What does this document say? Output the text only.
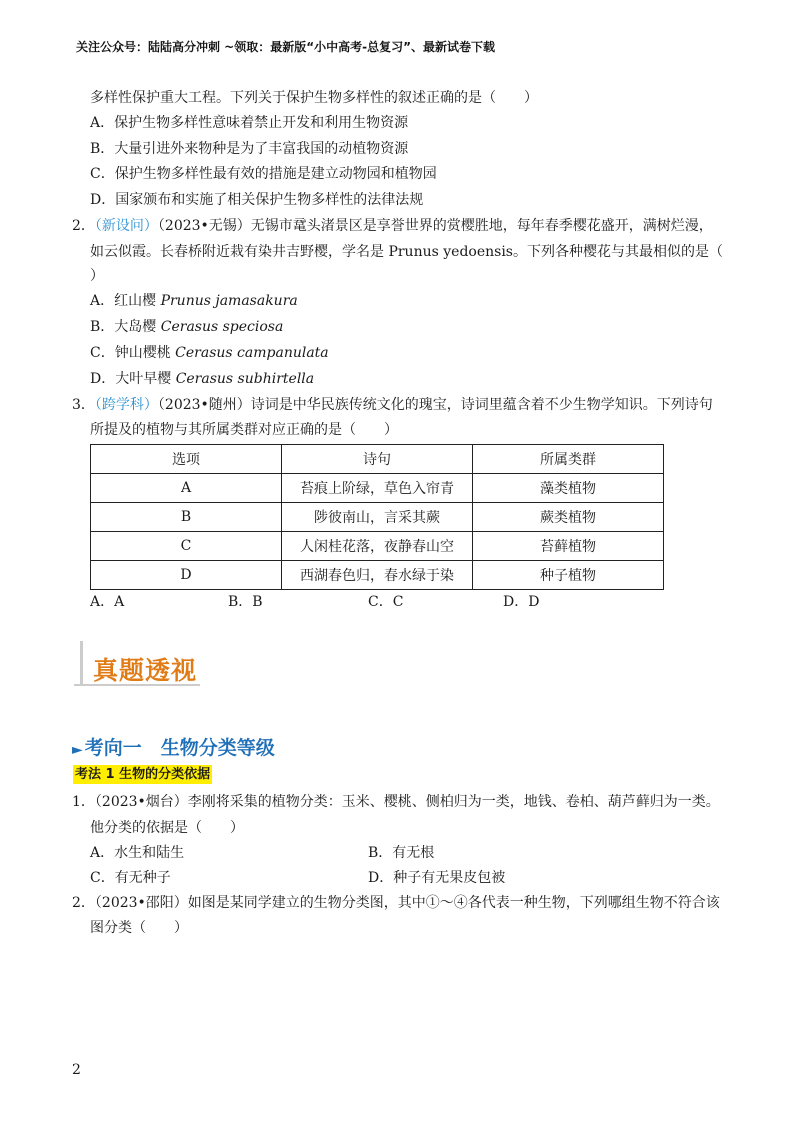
关注公众号：陆陆高分冲刺 ~领取：最新版“小中高考-总复习”、最新试卷下载
多样性保护重大工程。下列关于保护生物多样性的叙述正确的是（　　）
A．保护生物多样性意味着禁止开发和利用生物资源
B．大量引进外来物种是为了丰富我国的动植物资源
C．保护生物多样性最有效的措施是建立动物园和植物园
D．国家颁布和实施了相关保护生物多样性的法律法规
2．（新设问）（2023•无锡）无锡市鼋头渚景区是享誉世界的赏樱胜地，每年春季樱花盛开，满树烂漫，
如云似霞。长春桥附近栽有染井吉野樱，学名是 Prunus yedoensis。下列各种樱花与其最相似的是（
）
A．红山樱 Prunus jamasakura
B．大岛樱 Cerasus speciosa
C．钟山樱桃 Cerasus campanulata
D．大叶早樱 Cerasus subhirtella
3．（跨学科）（2023•随州）诗词是中华民族传统文化的瑰宝，诗词里蕴含着不少生物学知识。下列诗句
所提及的植物与其所属类群对应正确的是（　　）
选项	诗句	所属类群
A	苔痕上阶绿，草色入帘青	藻类植物
B	陟彼南山，言采其蕨	蕨类植物
C	人闲桂花落，夜静春山空	苔藓植物
D	西湖春色归，春水绿于染	种子植物
A．A	B．B	C．C	D．D
真题透视
► 考向一　生物分类等级
考法 1 生物的分类依据
1．（2023•烟台）李刚将采集的植物分类：玉米、樱桃、侧柏归为一类，地钱、卷柏、葫芦藓归为一类。
他分类的依据是（　　）
A．水生和陆生	B．有无根
C．有无种子	D．种子有无果皮包被
2．（2023•邵阳）如图是某同学建立的生物分类图，其中①～④各代表一种生物，下列哪组生物不符合该
图分类（　　）
2
